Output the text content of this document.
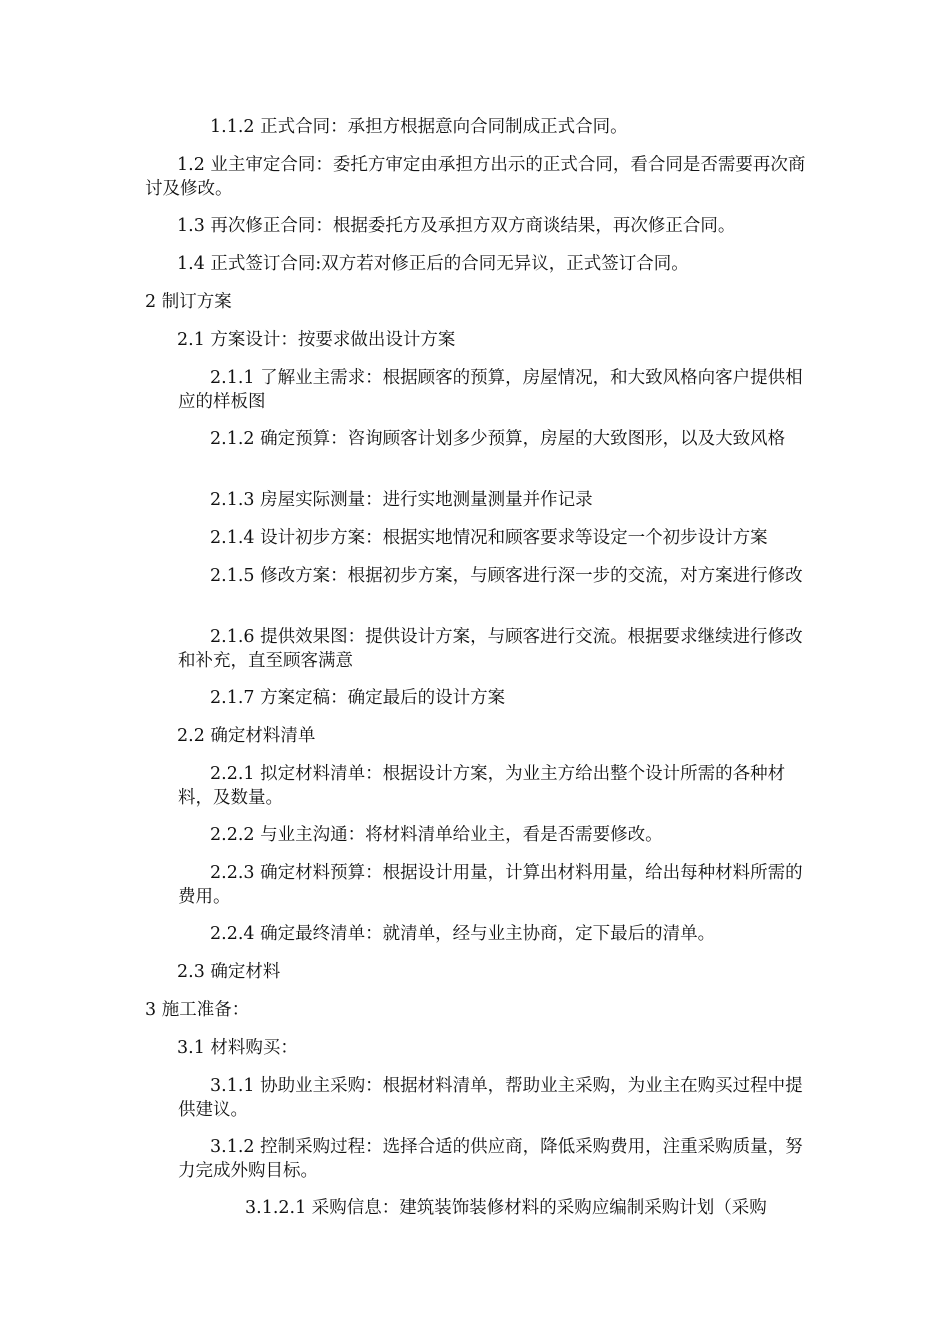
1.1.2 正式合同：承担方根据意向合同制成正式合同。

1.2 业主审定合同：委托方审定由承担方出示的正式合同，看合同是否需要再次商讨及修改。

1.3 再次修正合同：根据委托方及承担方双方商谈结果，再次修正合同。

1.4 正式签订合同:双方若对修正后的合同无异议，正式签订合同。

2 制订方案

2.1 方案设计：按要求做出设计方案

2.1.1 了解业主需求：根据顾客的预算，房屋情况，和大致风格向客户提供相应的样板图

2.1.2 确定预算：咨询顾客计划多少预算，房屋的大致图形，以及大致风格

2.1.3 房屋实际测量：进行实地测量测量并作记录

2.1.4 设计初步方案：根据实地情况和顾客要求等设定一个初步设计方案

2.1.5 修改方案：根据初步方案，与顾客进行深一步的交流，对方案进行修改

2.1.6 提供效果图：提供设计方案，与顾客进行交流。根据要求继续进行修改和补充，直至顾客满意

2.1.7 方案定稿：确定最后的设计方案

2.2 确定材料清单

2.2.1 拟定材料清单：根据设计方案，为业主方给出整个设计所需的各种材料，及数量。

2.2.2 与业主沟通：将材料清单给业主，看是否需要修改。

2.2.3 确定材料预算：根据设计用量，计算出材料用量，给出每种材料所需的费用。

2.2.4 确定最终清单：就清单，经与业主协商，定下最后的清单。

2.3 确定材料

3 施工准备：

3.1 材料购买：

3.1.1 协助业主采购：根据材料清单，帮助业主采购，为业主在购买过程中提供建议。

3.1.2 控制采购过程：选择合适的供应商，降低采购费用，注重采购质量，努力完成外购目标。

3.1.2.1 采购信息：建筑装饰装修材料的采购应编制采购计划（采购
